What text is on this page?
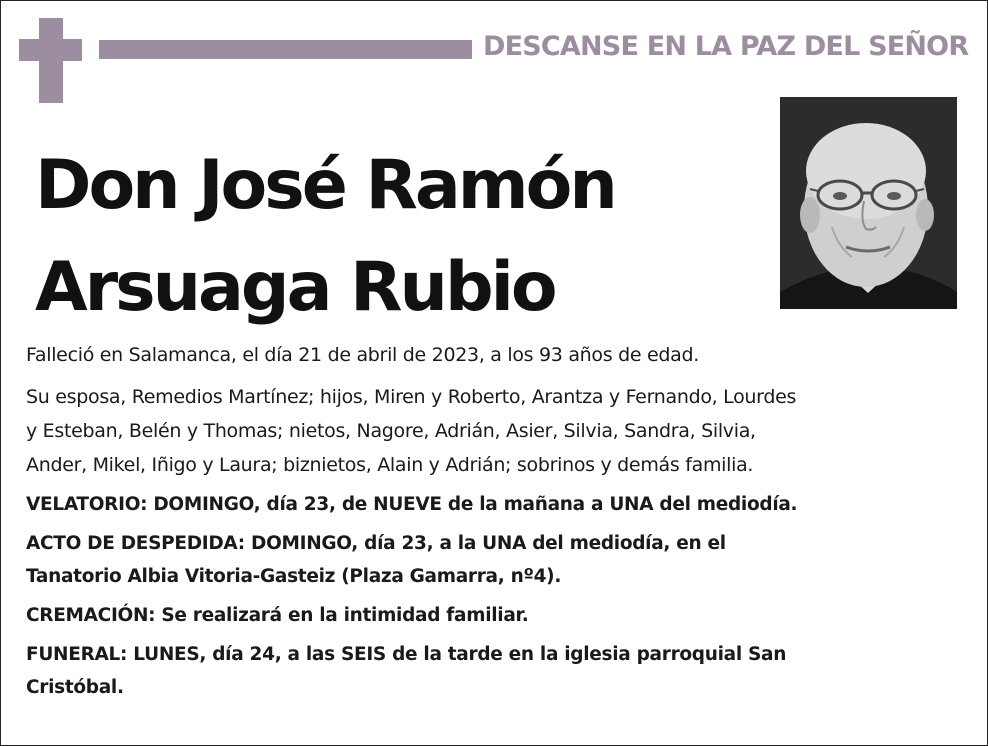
DESCANSE EN LA PAZ DEL SEÑOR
Don José Ramón
Arsuaga Rubio

Falleció en Salamanca, el día 21 de abril de 2023, a los 93 años de edad.

Su esposa, Remedios Martínez; hijos, Miren y Roberto, Arantza y Fernando, Lourdes

y Esteban, Belén y Thomas; nietos, Nagore, Adrián, Asier, Silvia, Sandra, Silvia,

Ander, Mikel, Iñigo y Laura; biznietos, Alain y Adrián; sobrinos y demás familia.

VELATORIO: DOMINGO, día 23, de NUEVE de la mañana a UNA del mediodía.

ACTO DE DESPEDIDA: DOMINGO, día 23, a la UNA del mediodía, en el

Tanatorio Albia Vitoria-Gasteiz (Plaza Gamarra, nº4).

CREMACIÓN: Se realizará en la intimidad familiar.

FUNERAL: LUNES, día 24, a las SEIS de la tarde en la iglesia parroquial San

Cristóbal.
